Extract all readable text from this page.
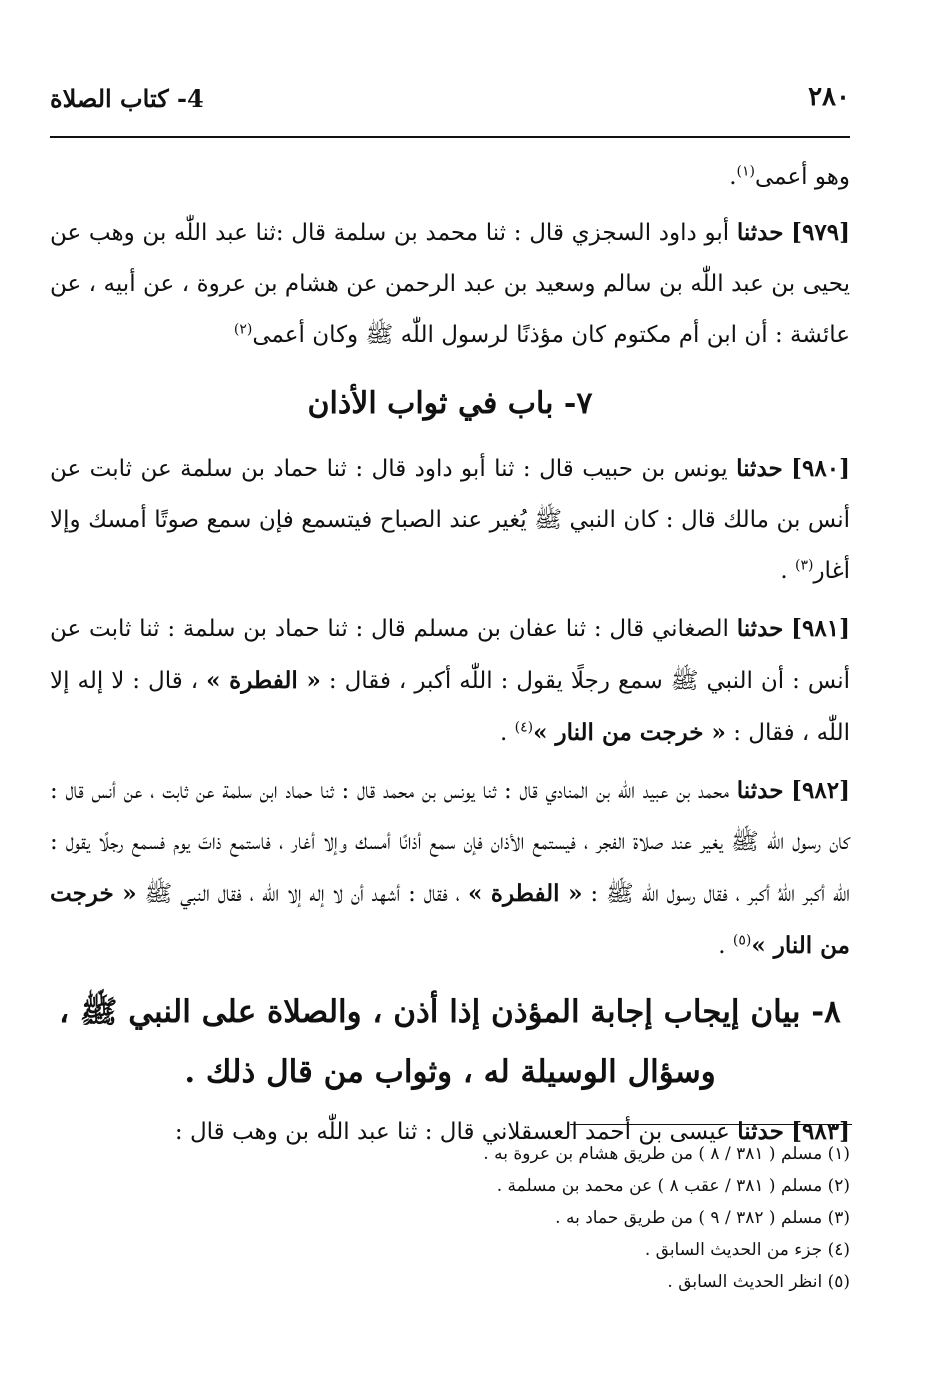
٢٨٠
4- كتاب الصلاة

وهو أعمى$^{(١)}$.

[٩٧٩] حدثنا أبو داود السجزي قال : ثنا محمد بن سلمة قال :ثنا عبد اللّٰه بن وهب عن يحيى بن عبد اللّٰه بن سالم وسعيد بن عبد الرحمن عن هشام بن عروة ، عن أبيه ، عن عائشة : أن ابن أم مكتوم كان مؤذنًا لرسول اللّٰه ﷺ وكان أعمى$^{(٢)}$

٧- باب في ثواب الأذان

[٩٨٠] حدثنا يونس بن حبيب قال : ثنا أبو داود قال : ثنا حماد بن سلمة عن ثابت عن أنس بن مالك قال : كان النبي ﷺ يُغير عند الصباح فيتسمع فإن سمع صوتًا أمسك وإلا أغار$^{(٣)}$ .

[٩٨١] حدثنا الصغاني قال : ثنا عفان بن مسلم قال : ثنا حماد بن سلمة : ثنا ثابت عن أنس : أن النبي ﷺ سمع رجلًا يقول : اللّٰه أكبر ، فقال : « الفطرة » ، قال : لا إله إلا اللّٰه ، فقال : « خرجت من النار »$^{(٤)}$ .

[٩٨٢] حدثنا محمد بن عبيد اللّٰه بن المنادي قال : ثنا يونس بن محمد قال : ثنا حماد ابن سلمة عن ثابت ، عن أنس قال : كان رسول اللّٰه ﷺ يغير عند صلاة الفجر ، فيستمع الأذان فإن سمع أذانًا أمسك وإلا أغار ، فاستمع ذاتَ يوم فسمع رجلًا يقول : اللّٰه أكبر اللّٰهُ أكبر ، فقال رسول اللّٰه ﷺ : « الفطرة » ، فقال : أشهد أن لا إله إلا اللّٰه ، فقال النبي ﷺ « خرجت من النار »$^{(٥)}$ .

٨- بيان إيجاب إجابة المؤذن إذا أذن ، والصلاة على النبي ﷺ ، وسؤال الوسيلة له ، وثواب من قال ذلك .

[٩٨٣] حدثنا عيسى بن أحمد العسقلاني قال : ثنا عبد اللّٰه بن وهب قال :

(١) مسلم ( ٣٨١ / ٨ ) من طريق هشام بن عروة به .

(٢) مسلم ( ٣٨١ / عقب ٨ ) عن محمد بن مسلمة .

(٣) مسلم ( ٣٨٢ / ٩ ) من طريق حماد به .

(٤) جزء من الحديث السابق .

(٥) انظر الحديث السابق .
